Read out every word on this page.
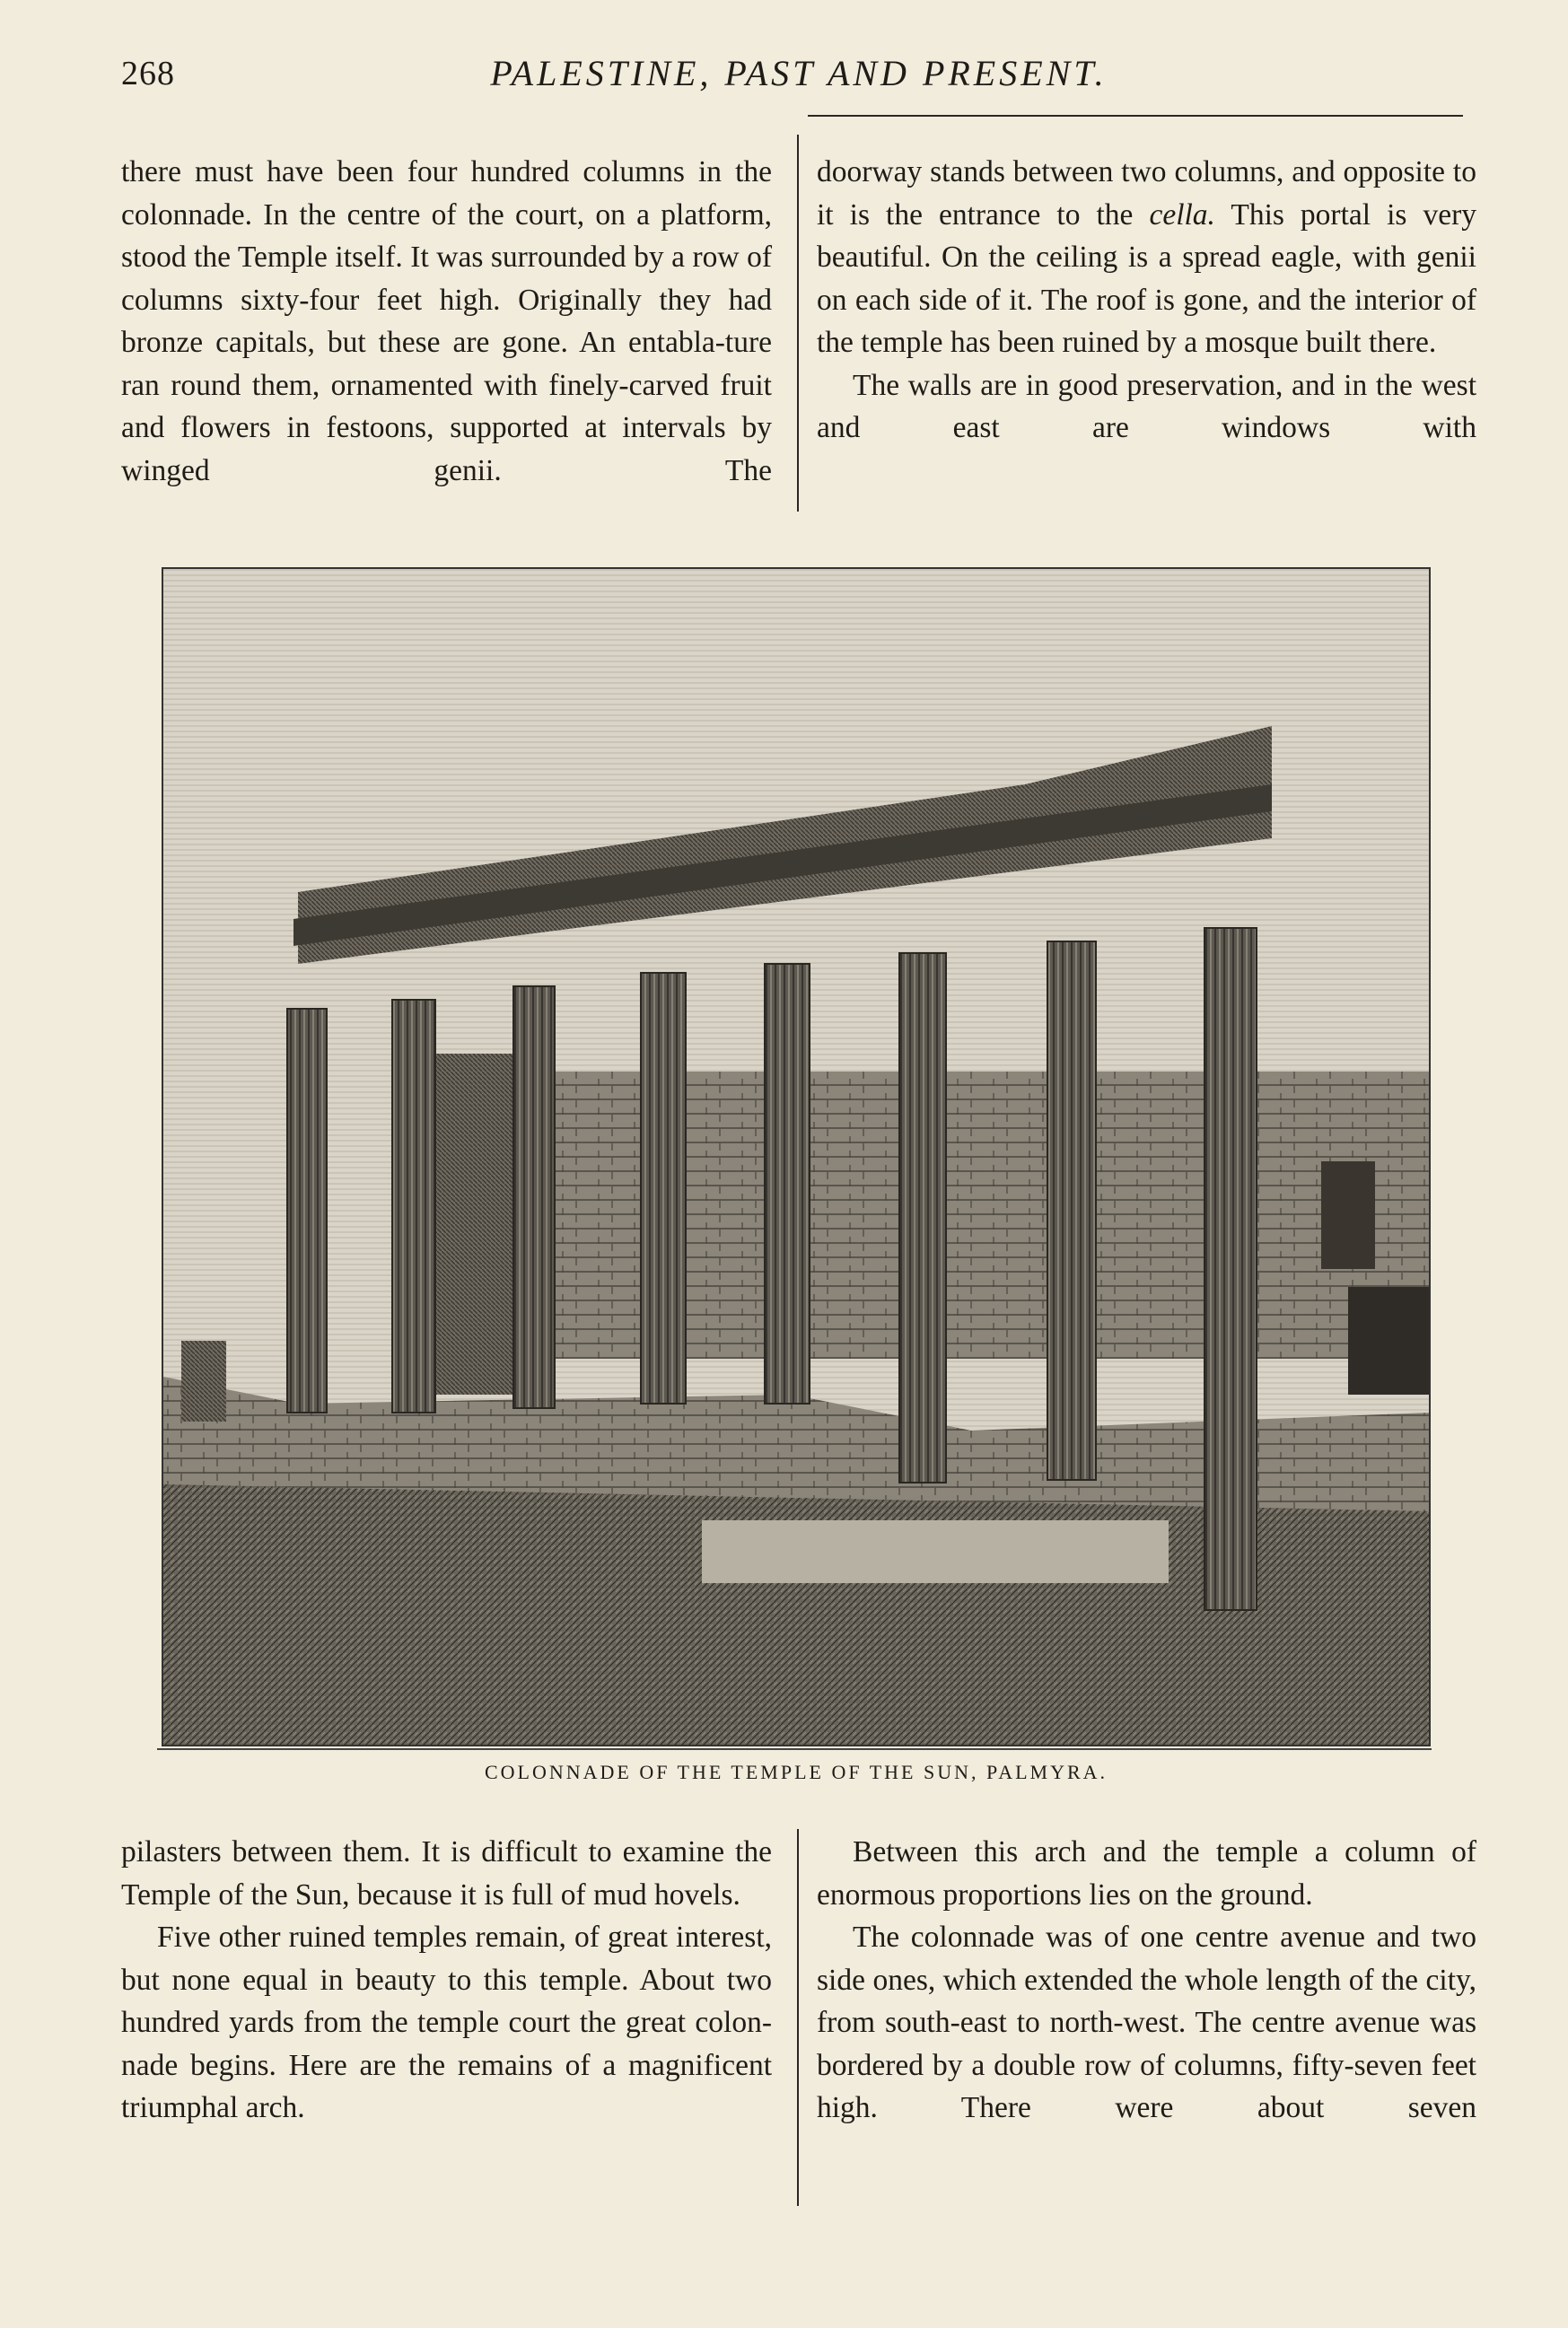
268	PALESTINE, PAST AND PRESENT.

there must have been four hundred columns in the colonnade. In the centre of the court, on a platform, stood the Temple itself. It was surrounded by a row of columns sixty-four feet high. Originally they had bronze capitals, but these are gone. An entabla-ture ran round them, ornamented with finely-carved fruit and flowers in festoons, supported at intervals by winged genii. The

doorway stands between two columns, and opposite to it is the entrance to the cella. This portal is very beautiful. On the ceiling is a spread eagle, with genii on each side of it. The roof is gone, and the interior of the temple has been ruined by a mosque built there.

The walls are in good preservation, and in the west and east are windows with

COLONNADE OF THE TEMPLE OF THE SUN, PALMYRA.

pilasters between them. It is difficult to examine the Temple of the Sun, because it is full of mud hovels.

Five other ruined temples remain, of great interest, but none equal in beauty to this temple. About two hundred yards from the temple court the great colon-nade begins. Here are the remains of a magnificent triumphal arch.

Between this arch and the temple a column of enormous proportions lies on the ground.

The colonnade was of one centre avenue and two side ones, which extended the whole length of the city, from south-east to north-west. The centre avenue was bordered by a double row of columns, fifty-seven feet high. There were about seven
